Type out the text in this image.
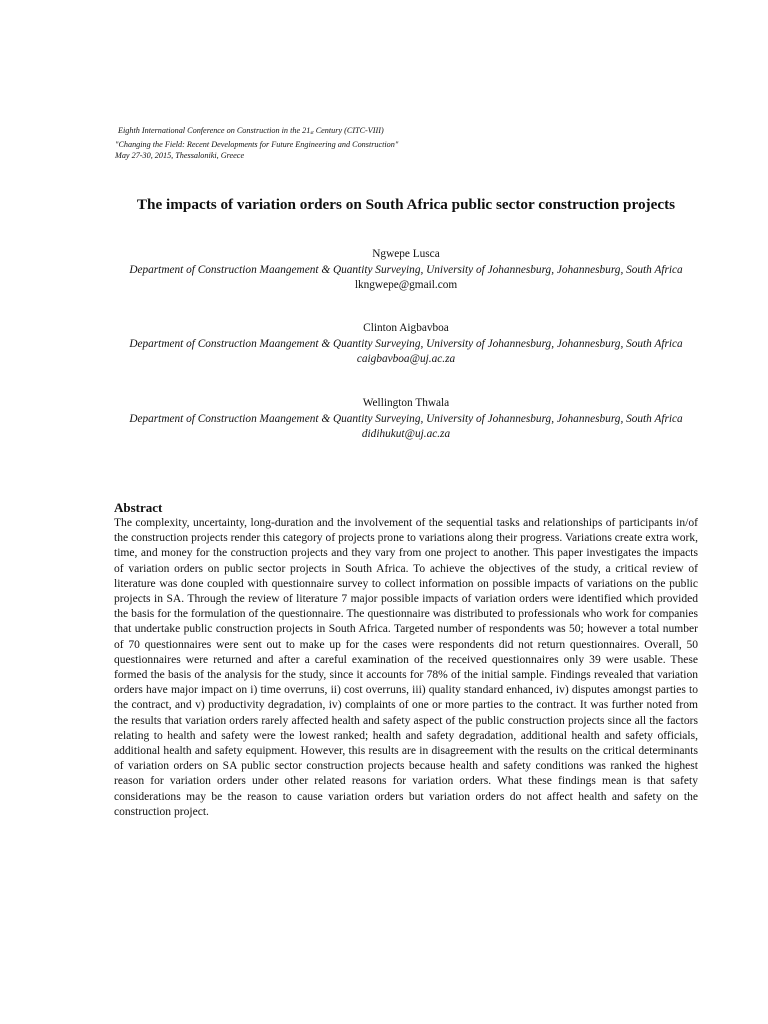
Eighth International Conference on Construction in the $21_{st}$ Century (CITC-VIII)
"Changing the Field: Recent Developments for Future Engineering and Construction"
May 27-30, 2015, Thessaloniki, Greece
The impacts of variation orders on South Africa public sector construction projects
Ngwepe Lusca
Department of Construction Maangement & Quantity Surveying, University of Johannesburg, Johannesburg, South Africa
lkngwepe@gmail.com
Clinton Aigbavboa
Department of Construction Maangement & Quantity Surveying, University of Johannesburg, Johannesburg, South Africa
caigbavboa@uj.ac.za
Wellington Thwala
Department of Construction Maangement & Quantity Surveying, University of Johannesburg, Johannesburg, South Africa
didihukut@uj.ac.za
Abstract

The complexity, uncertainty, long-duration and the involvement of the sequential tasks and relationships of participants in/of the construction projects render this category of projects prone to variations along their progress. Variations create extra work, time, and money for the construction projects and they vary from one project to another. This paper investigates the impacts of variation orders on public sector projects in South Africa. To achieve the objectives of the study, a critical review of literature was done coupled with questionnaire survey to collect information on possible impacts of variations on the public projects in SA. Through the review of literature 7 major possible impacts of variation orders were identified which provided the basis for the formulation of the questionnaire. The questionnaire was distributed to professionals who work for companies that undertake public construction projects in South Africa. Targeted number of respondents was 50; however a total number of 70 questionnaires were sent out to make up for the cases were respondents did not return questionnaires. Overall, 50 questionnaires were returned and after a careful examination of the received questionnaires only 39 were usable. These formed the basis of the analysis for the study, since it accounts for 78% of the initial sample. Findings revealed that variation orders have major impact on i) time overruns, ii) cost overruns, iii) quality standard enhanced, iv) disputes amongst parties to the contract, and v) productivity degradation, iv) complaints of one or more parties to the contract. It was further noted from the results that variation orders rarely affected health and safety aspect of the public construction projects since all the factors relating to health and safety were the lowest ranked; health and safety degradation, additional health and safety officials, additional health and safety equipment. However, this results are in disagreement with the results on the critical determinants of variation orders on SA public sector construction projects because health and safety conditions was ranked the highest reason for variation orders under other related reasons for variation orders. What these findings mean is that safety considerations may be the reason to cause variation orders but variation orders do not affect health and safety on the construction project.
